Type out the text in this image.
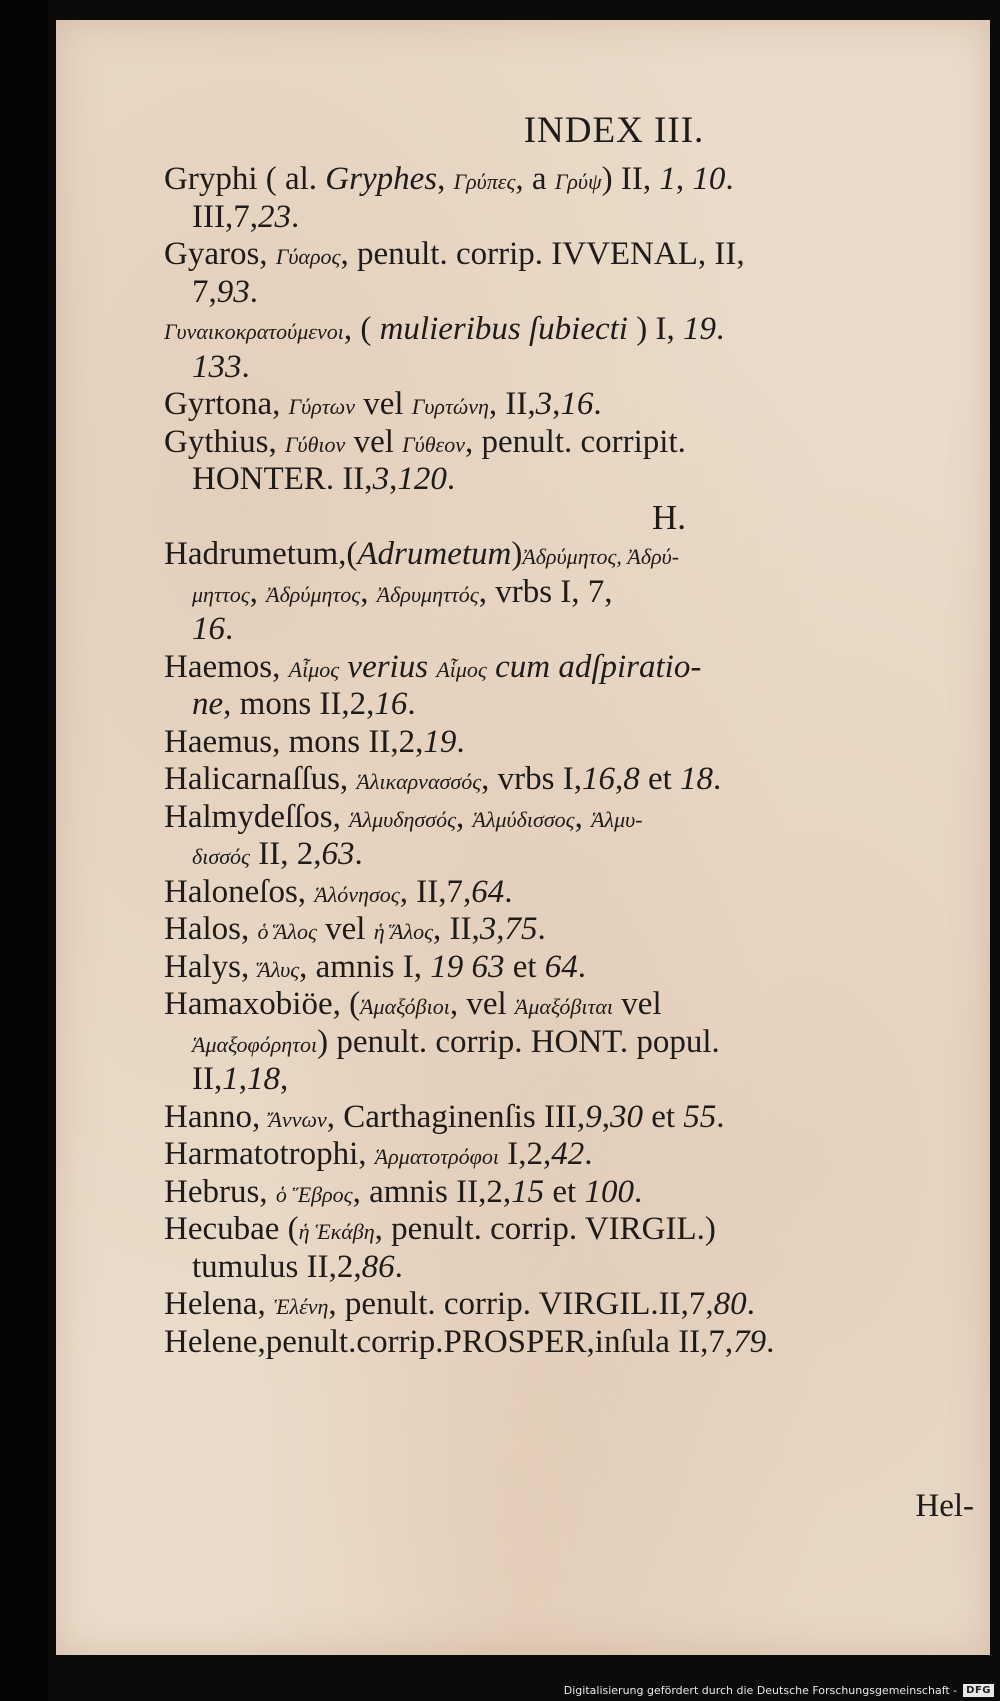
INDEX III.
Gryphi ( al. Gryphes, Γρύπες, a Γρύψ) II, 1, 10.
III,7,23.
Gyaros, Γύαρος, penult. corrip. IVVENAL, II,
7,93.
Γυναικοκρατούμενοι, ( mulieribus ſubiecti ) I, 19.
133.
Gyrtona, Γύρτων vel Γυρτώνη, II,3,16.
Gythius, Γύθιον vel Γύθεον, penult. corripit.
HONTER. II,3,120.
H.
Hadrumetum,(Adrumetum)Ἀδρύμητος, Ἀδρύ-
μηττος, Ἀδρύμητος, Ἀδρυμηττός, vrbs I, 7,
16.
Haemos, Αἶμος verius Αἷμος cum adſpiratio-
ne, mons II,2,16.
Haemus, mons II,2,19.
Halicarnaſſus, Ἁλικαρνασσός, vrbs I,16,8 et 18.
Halmydeſſos, Ἁλμυδησσός, Ἁλμύδισσος, Ἁλμυ-
δισσός II, 2,63.
Haloneſos, Ἁλόνησος, II,7,64.
Halos, ὁ Ἅλος vel ἡ Ἅλος, II,3,75.
Halys, Ἅλυς, amnis I, 19 63 et 64.
Hamaxobiöe, (Ἁμαξόβιοι, vel Ἁμαξόβιται vel
Ἁμαξοφόρητοι) penult. corrip. HONT. popul.
II,1,18,
Hanno, Ἄννων, Carthaginenſis III,9,30 et 55.
Harmatotrophi, Ἁρματοτρόφοι I,2,42.
Hebrus, ὁ Ἕβρος, amnis II,2,15 et 100.
Hecubae (ἡ Ἑκάβη, penult. corrip. VIRGIL.)
tumulus II,2,86.
Helena, Ἑλένη, penult. corrip. VIRGIL.II,7,80.
Helene,penult.corrip.PROSPER,inſula II,7,79.
Hel-
Digitalisierung gefördert durch die Deutsche Forschungsgemeinschaft - DFG
